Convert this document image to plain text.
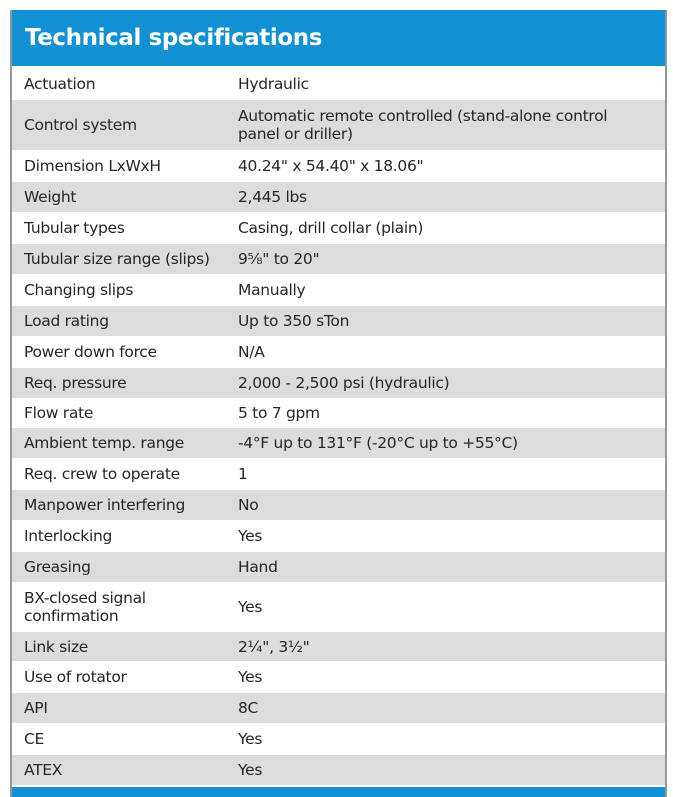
Technical specifications
Actuation	Hydraulic
Control system	Automatic remote controlled (stand-alone control
panel or driller)
Dimension LxWxH	40.24" x 54.40" x 18.06"
Weight	2,445 lbs
Tubular types	Casing, drill collar (plain)
Tubular size range (slips)	9⅝" to 20"
Changing slips	Manually
Load rating	Up to 350 sTon
Power down force	N/A
Req. pressure	2,000 - 2,500 psi (hydraulic)
Flow rate	5 to 7 gpm
Ambient temp. range	-4°F up to 131°F (-20°C up to +55°C)
Req. crew to operate	1
Manpower interfering	No
Interlocking	Yes
Greasing	Hand
BX-closed signal
confirmation	Yes
Link size	2¼", 3½"
Use of rotator	Yes
API	8C
CE	Yes
ATEX	Yes
